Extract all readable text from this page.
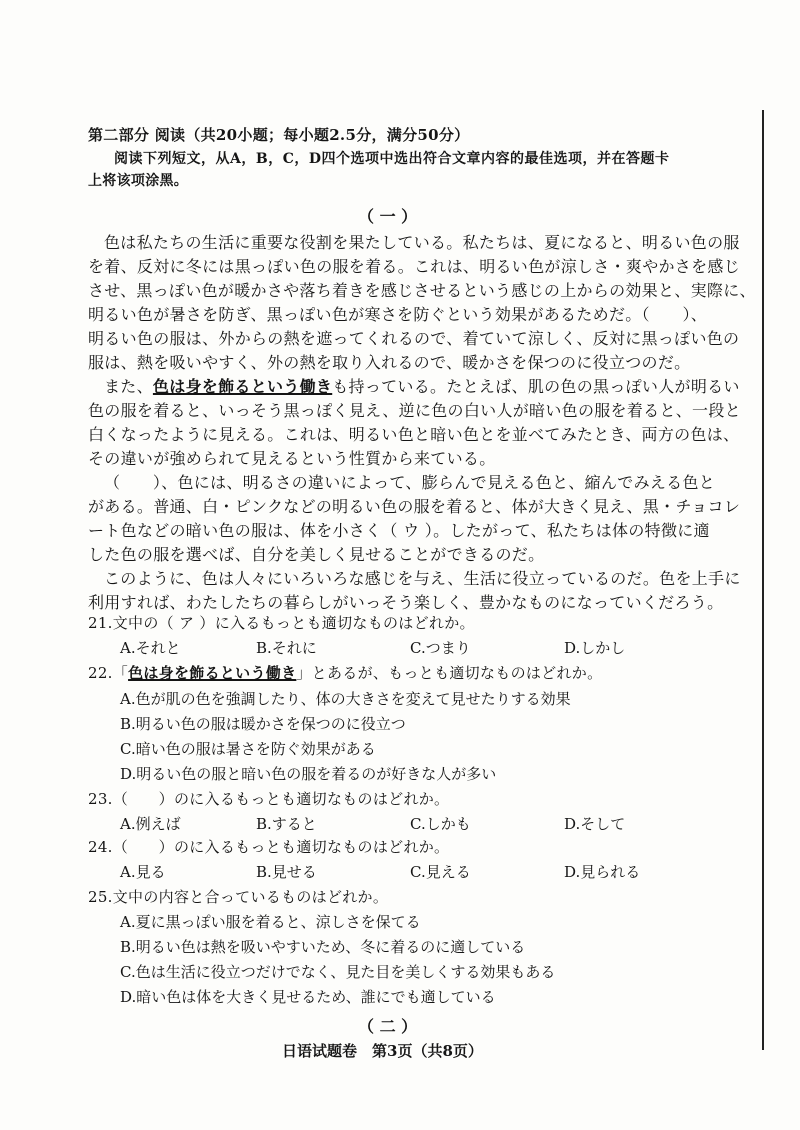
第二部分 阅读（共20小题；每小题2.5分，满分50分）
阅读下列短文，从A，B，C，D四个选项中选出符合文章内容的最佳选项，并在答题卡
上将该项涂黑。
（ 一 ）
色は私たちの生活に重要な役割を果たしている。私たちは、夏になると、明るい色の服
を着、反対に冬には黒っぽい色の服を着る。これは、明るい色が涼しさ・爽やかさを感じ
させ、黒っぽい色が暖かさや落ち着きを感じさせるという感じの上からの効果と、実際に、
明るい色が暑さを防ぎ、黒っぽい色が寒さを防ぐという効果があるためだ。（　　）、
明るい色の服は、外からの熱を遮ってくれるので、着ていて涼しく、反対に黒っぽい色の
服は、熱を吸いやすく、外の熱を取り入れるので、暖かさを保つのに役立つのだ。
また、色は身を飾るという働きも持っている。たとえば、肌の色の黒っぽい人が明るい
色の服を着ると、いっそう黒っぽく見え、逆に色の白い人が暗い色の服を着ると、一段と
白くなったように見える。これは、明るい色と暗い色とを並べてみたとき、両方の色は、
その違いが強められて見えるという性質から来ている。
（　　）、色には、明るさの違いによって、膨らんで見える色と、縮んでみえる色と
がある。普通、白・ピンクなどの明るい色の服を着ると、体が大きく見え、黒・チョコレ
ート色などの暗い色の服は、体を小さく（ ウ ）。したがって、私たちは体の特徴に適
した色の服を選べば、自分を美しく見せることができるのだ。
このように、色は人々にいろいろな感じを与え、生活に役立っているのだ。色を上手に
利用すれば、わたしたちの暮らしがいっそう楽しく、豊かなものになっていくだろう。
21.文中の（ ア ）に入るもっとも適切なものはどれか。
A.それと	B.それに	C.つまり	D.しかし
22.「色は身を飾るという働き」とあるが、もっとも適切なものはどれか。
A.色が肌の色を強調したり、体の大きさを変えて見せたりする効果
B.明るい色の服は暖かさを保つのに役立つ
C.暗い色の服は暑さを防ぐ効果がある
D.明るい色の服と暗い色の服を着るのが好きな人が多い
23.（　　）のに入るもっとも適切なものはどれか。
A.例えば	B.すると	C.しかも	D.そして
24.（　　）のに入るもっとも適切なものはどれか。
A.見る	B.見せる	C.見える	D.見られる
25.文中の内容と合っているものはどれか。
A.夏に黒っぽい服を着ると、涼しさを保てる
B.明るい色は熱を吸いやすいため、冬に着るのに適している
C.色は生活に役立つだけでなく、見た目を美しくする効果もある
D.暗い色は体を大きく見せるため、誰にでも適している
（ 二 ）
日语试题卷　第3页（共8页）
